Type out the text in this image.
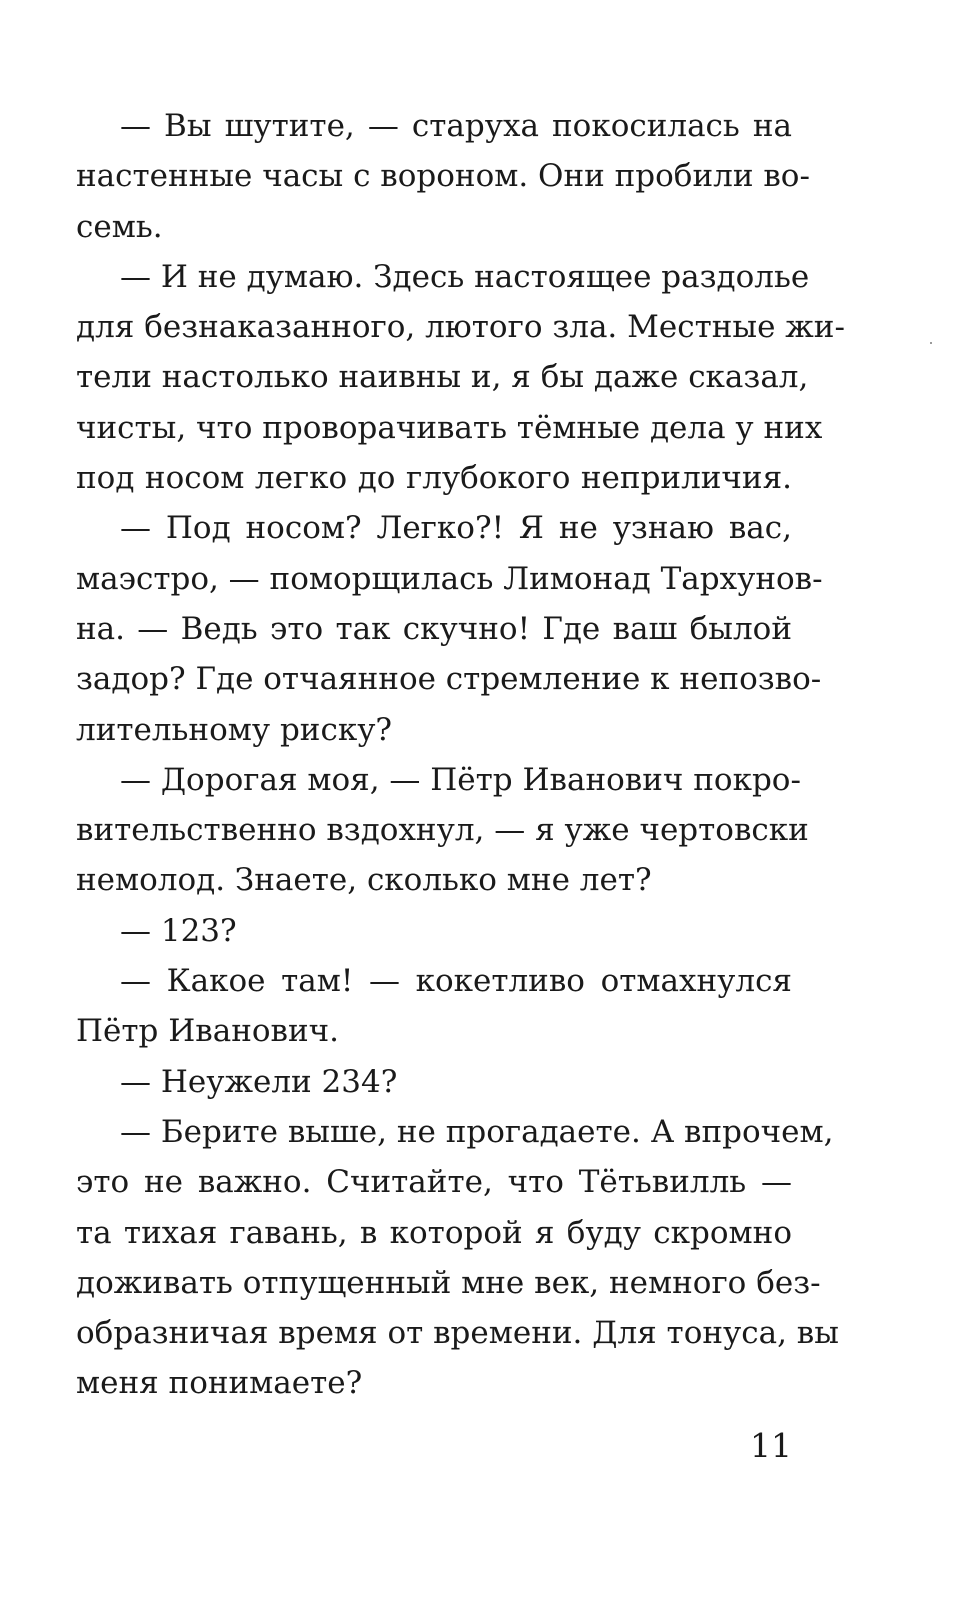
— Вы шутите, — старуха покосилась на
настенные часы с вороном. Они пробили во-
семь.
— И не думаю. Здесь настоящее раздолье
для безнаказанного, лютого зла. Местные жи-
тели настолько наивны и, я бы даже сказал,
чисты, что проворачивать тёмные дела у них
под носом легко до глубокого неприличия.
— Под носом? Легко?! Я не узнаю вас,
маэстро, — поморщилась Лимонад Тархунов-
на. — Ведь это так скучно! Где ваш былой
задор? Где отчаянное стремление к непозво-
лительному риску?
— Дорогая моя, — Пётр Иванович покро-
вительственно вздохнул, — я уже чертовски
немолод. Знаете, сколько мне лет?
— 123?
— Какое там! — кокетливо отмахнулся
Пётр Иванович.
— Неужели 234?
— Берите выше, не прогадаете. А впрочем,
это не важно. Считайте, что Тётьвилль —
та тихая гавань, в которой я буду скромно
доживать отпущенный мне век, немного без-
образничая время от времени. Для тонуса, вы
меня понимаете?
11
